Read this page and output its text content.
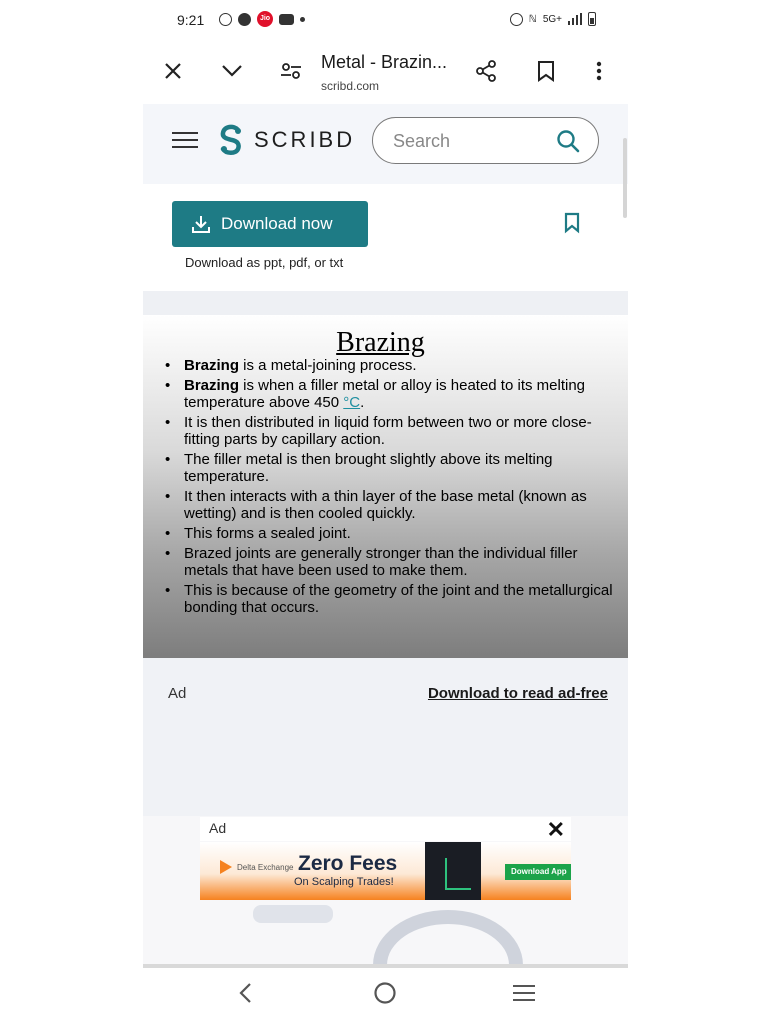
9:21	Jio	ℕ 5G+
Metal - Brazin...
scribd.com
SCRIBD Search
Download now
Download as ppt, pdf, or txt
Brazing
• Brazing is a metal-joining process.
• Brazing is when a filler metal or alloy is heated to its melting temperature above 450 °C.
• It is then distributed in liquid form between two or more close-fitting parts by capillary action.
• The filler metal is then brought slightly above its melting temperature.
• It then interacts with a thin layer of the base metal (known as wetting) and is then cooled quickly.
• This forms a sealed joint.
• Brazed joints are generally stronger than the individual filler metals that have been used to make them.
• This is because of the geometry of the joint and the metallurgical bonding that occurs.
Ad	Download to read ad-free
Ad	✕
Delta Exchange Zero Fees
On Scalping Trades!
Download App
